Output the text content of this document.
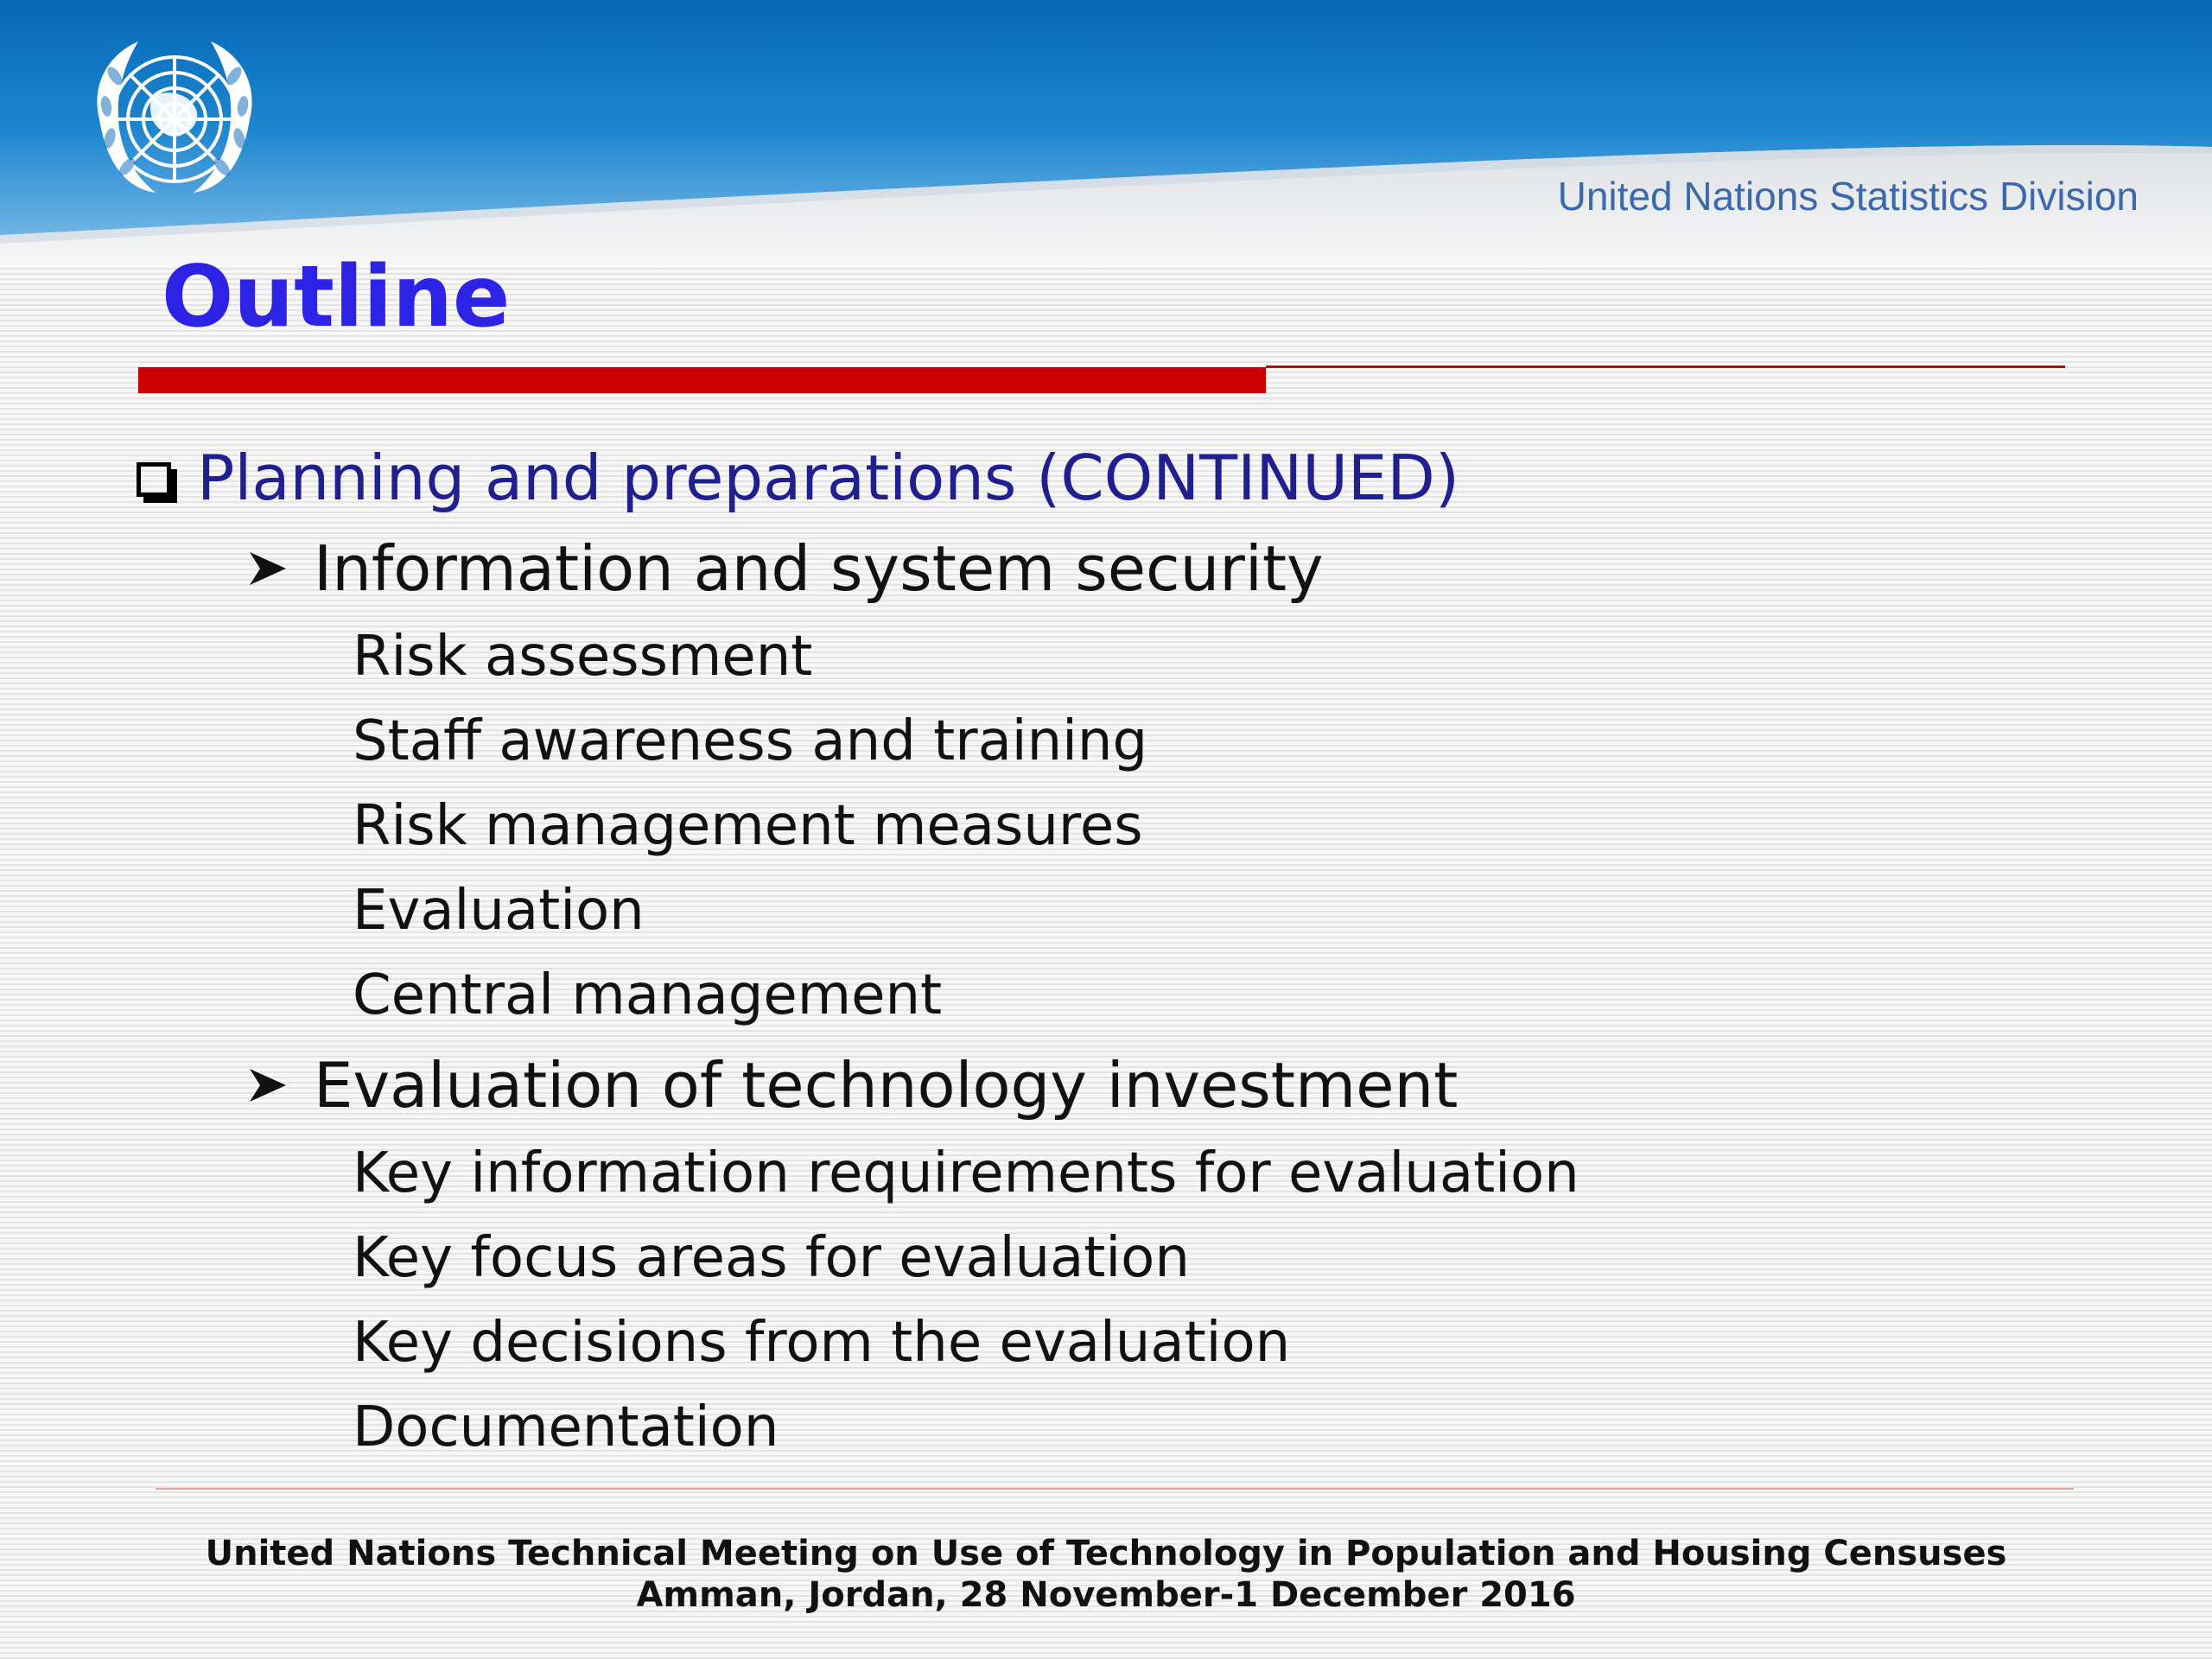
United Nations Statistics Division
Outline
Planning and preparations (CONTINUED)
Information and system security
Risk assessment
Staff awareness and training
Risk management measures
Evaluation
Central management
Evaluation of technology investment
Key information requirements for evaluation
Key focus areas for evaluation
Key decisions from the evaluation
Documentation
United Nations Technical Meeting on Use of Technology in Population and Housing Censuses
Amman, Jordan, 28 November-1 December 2016
